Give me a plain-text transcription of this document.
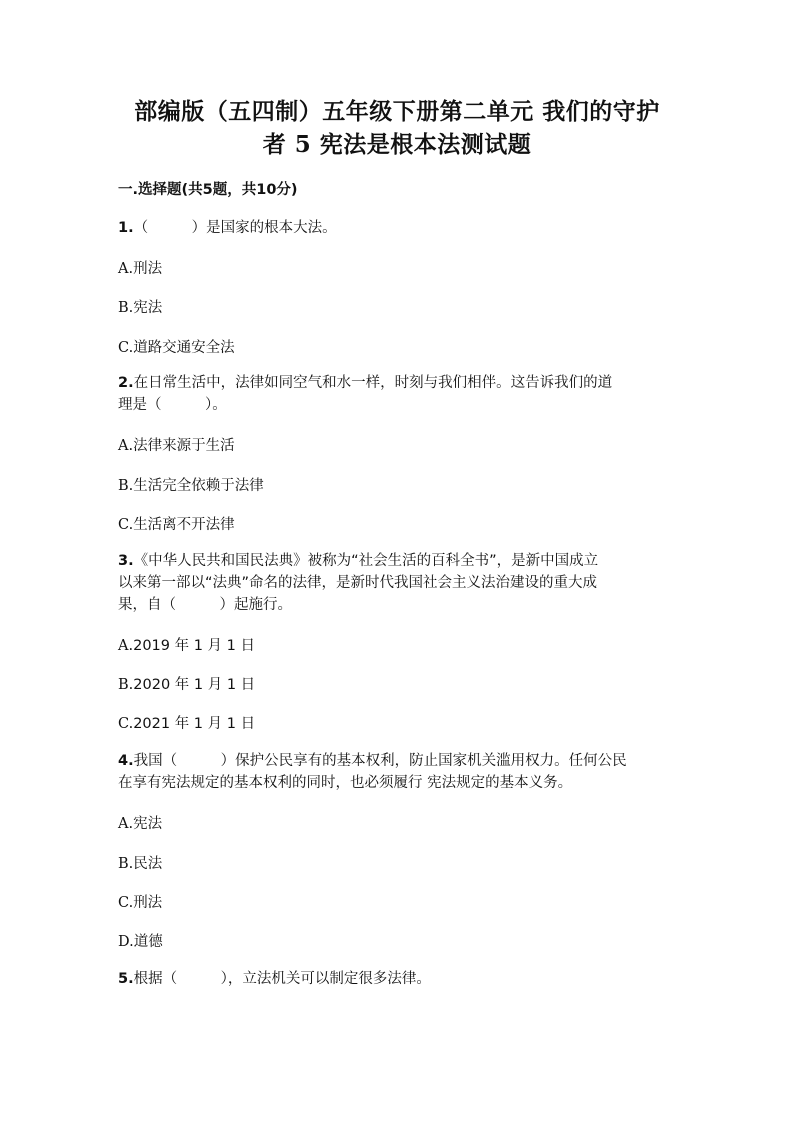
部编版（五四制）五年级下册第二单元 我们的守护
者 5 宪法是根本法测试题
一.选择题(共5题，共10分)
1.（　　　）是国家的根本大法。
A.刑法
B.宪法
C.道路交通安全法
2.在日常生活中，法律如同空气和水一样，时刻与我们相伴。这告诉我们的道
理是（　　　）。
A.法律来源于生活
B.生活完全依赖于法律
C.生活离不开法律
3.《中华人民共和国民法典》被称为“社会生活的百科全书”，是新中国成立
以来第一部以“法典”命名的法律，是新时代我国社会主义法治建设的重大成
果，自（　　　）起施行。
A.2019 年 1 月 1 日
B.2020 年 1 月 1 日
C.2021 年 1 月 1 日
4.我国（　　　）保护公民享有的基本权利，防止国家机关滥用权力。任何公民
在享有宪法规定的基本权利的同时，也必须履行 宪法规定的基本义务。
A.宪法
B.民法
C.刑法
D.道德
5.根据（　　　），立法机关可以制定很多法律。
